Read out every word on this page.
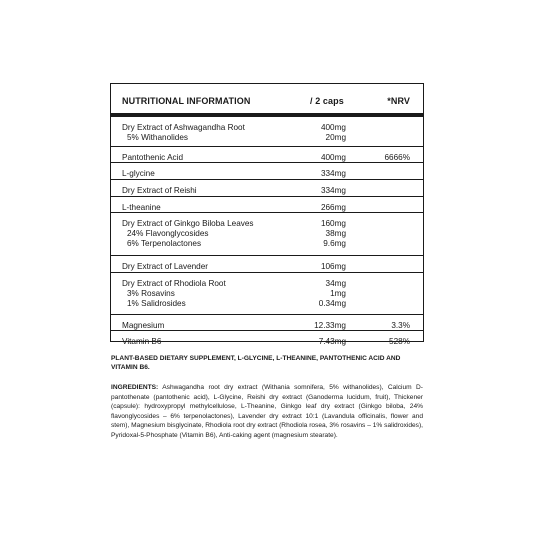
NUTRITIONAL INFORMATION	/ 2 caps	*NRV
Dry Extract of Ashwagandha Root	400mg
5% Withanolides	20mg
Pantothenic Acid	400mg	6666%
L-glycine	334mg
Dry Extract of Reishi	334mg
L-theanine	266mg
Dry Extract of Ginkgo Biloba Leaves	160mg
24% Flavonglycosides	38mg
6% Terpenolactones	9.6mg
Dry Extract of Lavender	106mg
Dry Extract of Rhodiola Root	34mg
3% Rosavins	1mg
1% Salidrosides	0.34mg
Magnesium	12.33mg	3.3%
Vitamin B6	7.43mg	528%
PLANT-BASED DIETARY SUPPLEMENT, L-GLYCINE, L-THEANINE, PANTOTHENIC ACID AND VITAMIN B6.
INGREDIENTS: Ashwagandha root dry extract (Withania somnifera, 5% withanolides), Calcium D-pantothenate (pantothenic acid), L-Glycine, Reishi dry extract (Ganoderma lucidum, fruit), Thickener (capsule): hydroxypropyl methylcellulose, L-Theanine, Ginkgo leaf dry extract (Ginkgo biloba, 24% flavonglycosides – 6% terpenolactones), Lavender dry extract 10:1 (Lavandula officinalis, flower and stem), Magnesium bisglycinate, Rhodiola root dry extract (Rhodiola rosea, 3% rosavins – 1% salidroxides), Pyridoxal-5-Phosphate (Vitamin B6), Anti-caking agent (magnesium stearate).
